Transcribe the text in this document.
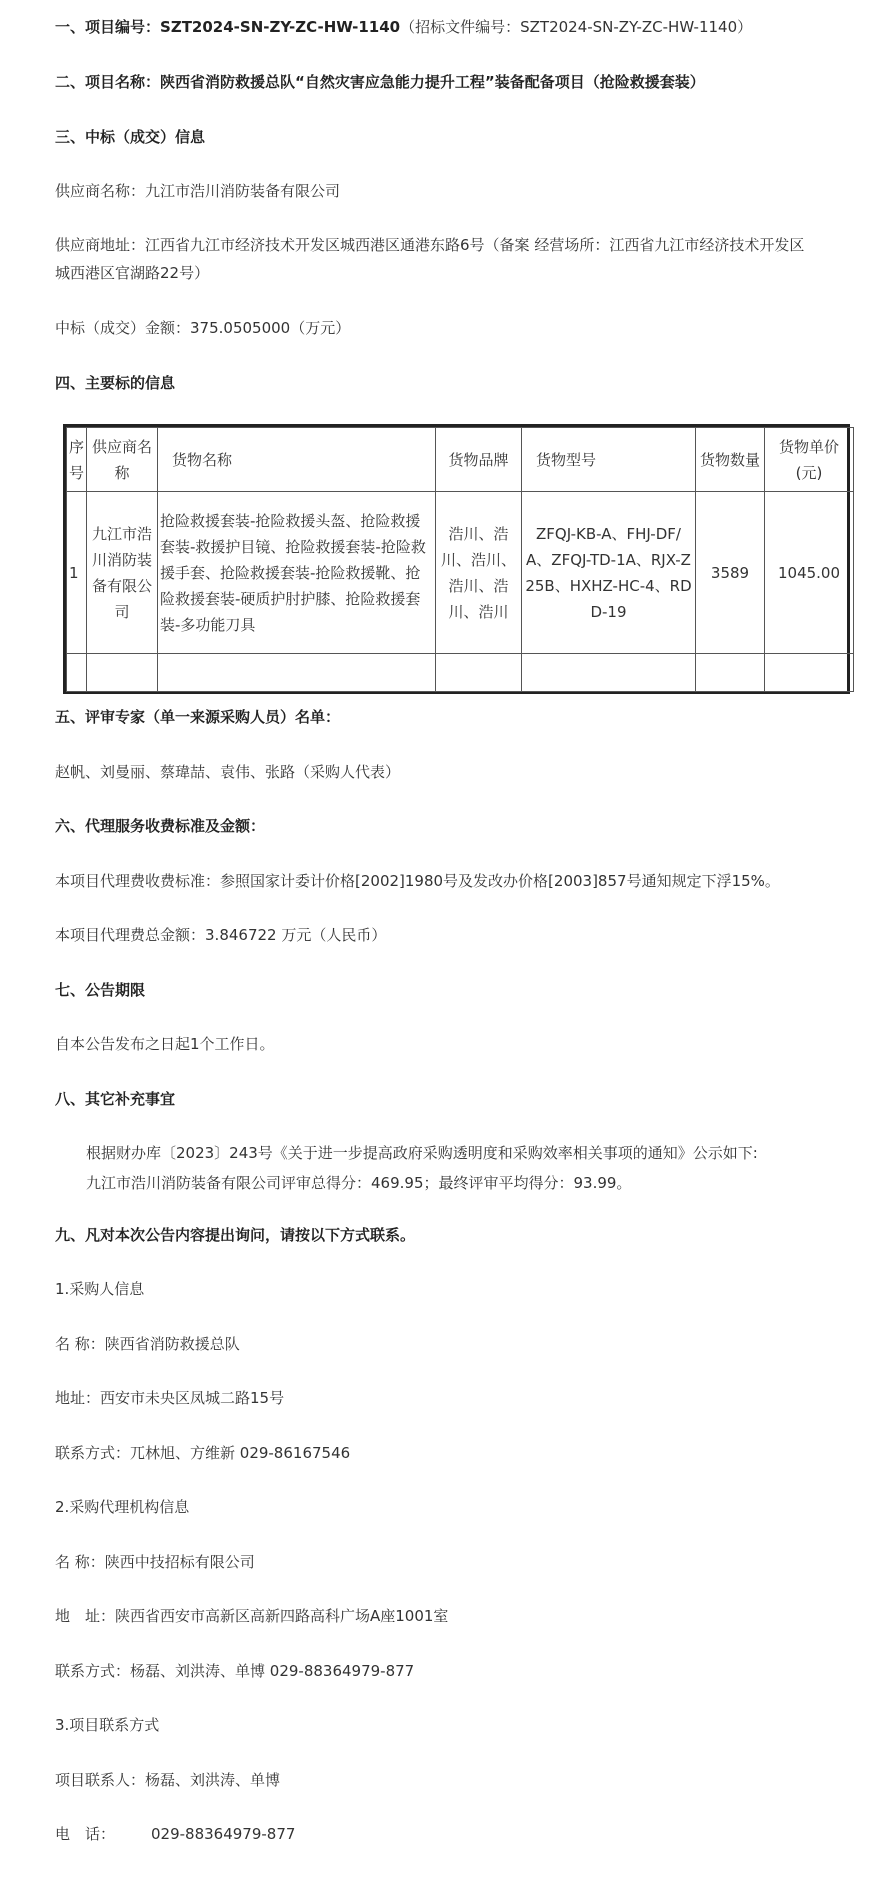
一、项目编号：SZT2024-SN-ZY-ZC-HW-1140（招标文件编号：SZT2024-SN-ZY-ZC-HW-1140）
二、项目名称：陕西省消防救援总队“自然灾害应急能力提升工程”装备配备项目（抢险救援套装）
三、中标（成交）信息
供应商名称：九江市浩川消防装备有限公司
供应商地址：江西省九江市经济技术开发区城西港区通港东路6号（备案 经营场所：江西省九江市经济技术开发区
城西港区官湖路22号）
中标（成交）金额：375.0505000（万元）
四、主要标的信息
序号	供应商名称	货物名称	货物品牌	货物型号	货物数量	货物单价(元)
1	九江市浩川消防装备有限公司	抢险救援套装-抢险救援头盔、抢险救援套装-救援护目镜、抢险救援套装-抢险救援手套、抢险救援套装-抢险救援靴、抢险救援套装-硬质护肘护膝、抢险救援套装-多功能刀具	浩川、浩川、浩川、浩川、浩川、浩川	ZFQJ-KB-A、FHJ-DF/A、ZFQJ-TD-1A、RJX-Z25B、HXHZ-HC-4、RDD-19	3589	1045.00

五、评审专家（单一来源采购人员）名单：
赵帆、刘曼丽、蔡瑋喆、袁伟、张路（采购人代表）
六、代理服务收费标准及金额：
本项目代理费收费标准：参照国家计委计价格[2002]1980号及发改办价格[2003]857号通知规定下浮15%。
本项目代理费总金额：3.846722 万元（人民币）
七、公告期限
自本公告发布之日起1个工作日。
八、其它补充事宜
根据财办库〔2023〕243号《关于进一步提高政府采购透明度和采购效率相关事项的通知》公示如下:
九江市浩川消防装备有限公司评审总得分：469.95；最终评审平均得分：93.99。
九、凡对本次公告内容提出询问，请按以下方式联系。
1.采购人信息
名 称：陕西省消防救援总队
地址：西安市未央区凤城二路15号
联系方式：兀林旭、方维新 029-86167546
2.采购代理机构信息
名 称：陕西中技招标有限公司
地　址：陕西省西安市高新区高新四路高科广场A座1001室
联系方式：杨磊、刘洪涛、单博 029-88364979-877
3.项目联系方式
项目联系人：杨磊、刘洪涛、单博
电　话： 029-88364979-877
